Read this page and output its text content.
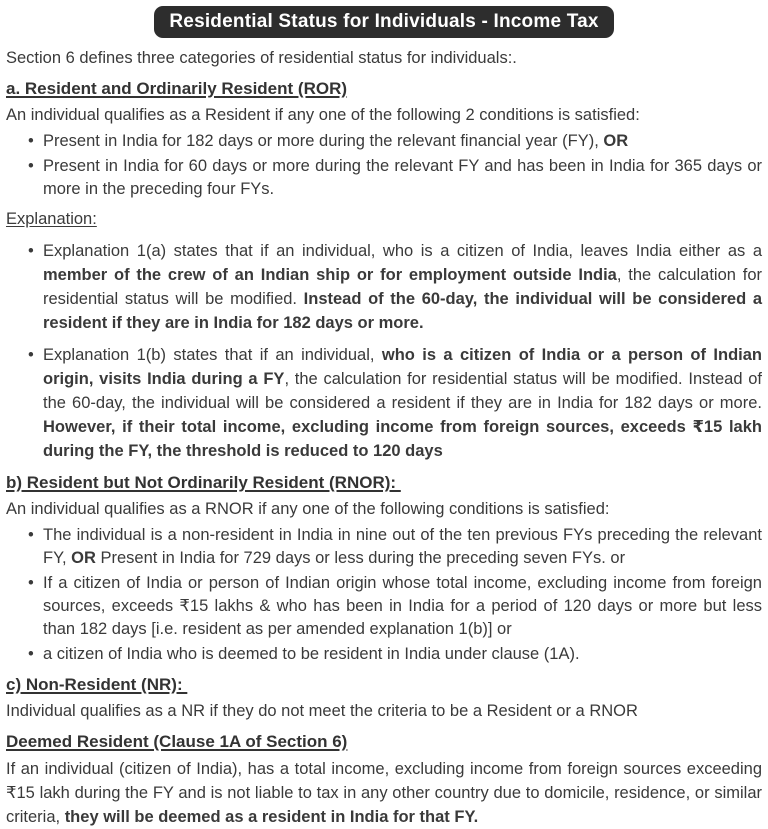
Residential Status for Individuals - Income Tax

Section 6 defines three categories of residential status for individuals:.

a. Resident and Ordinarily Resident (ROR)

An individual qualifies as a Resident if any one of the following 2 conditions is satisfied:

• Present in India for 182 days or more during the relevant financial year (FY), OR
• Present in India for 60 days or more during the relevant FY and has been in India for 365 days or more in the preceding four FYs.
Explanation:
• Explanation 1(a) states that if an individual, who is a citizen of India, leaves India either as a member of the crew of an Indian ship or for employment outside India, the calculation for residential status will be modified. Instead of the 60-day, the individual will be considered a resident if they are in India for 182 days or more.
• Explanation 1(b) states that if an individual, who is a citizen of India or a person of Indian origin, visits India during a FY, the calculation for residential status will be modified. Instead of the 60-day, the individual will be considered a resident if they are in India for 182 days or more. However, if their total income, excluding income from foreign sources, exceeds ₹15 lakh during the FY, the threshold is reduced to 120 days
b) Resident but Not Ordinarily Resident (RNOR):

An individual qualifies as a RNOR if any one of the following conditions is satisfied:

• The individual is a non-resident in India in nine out of the ten previous FYs preceding the relevant FY, OR Present in India for 729 days or less during the preceding seven FYs. or
• If a citizen of India or person of Indian origin whose total income, excluding income from foreign sources, exceeds ₹15 lakhs & who has been in India for a period of 120 days or more but less than 182 days [i.e. resident as per amended explanation 1(b)] or
• a citizen of India who is deemed to be resident in India under clause (1A).
c) Non-Resident (NR):

Individual qualifies as a NR if they do not meet the criteria to be a Resident or a RNOR

Deemed Resident (Clause 1A of Section 6)

If an individual (citizen of India), has a total income, excluding income from foreign sources exceeding ₹15 lakh during the FY and is not liable to tax in any other country due to domicile, residence, or similar criteria, they will be deemed as a resident in India for that FY.
